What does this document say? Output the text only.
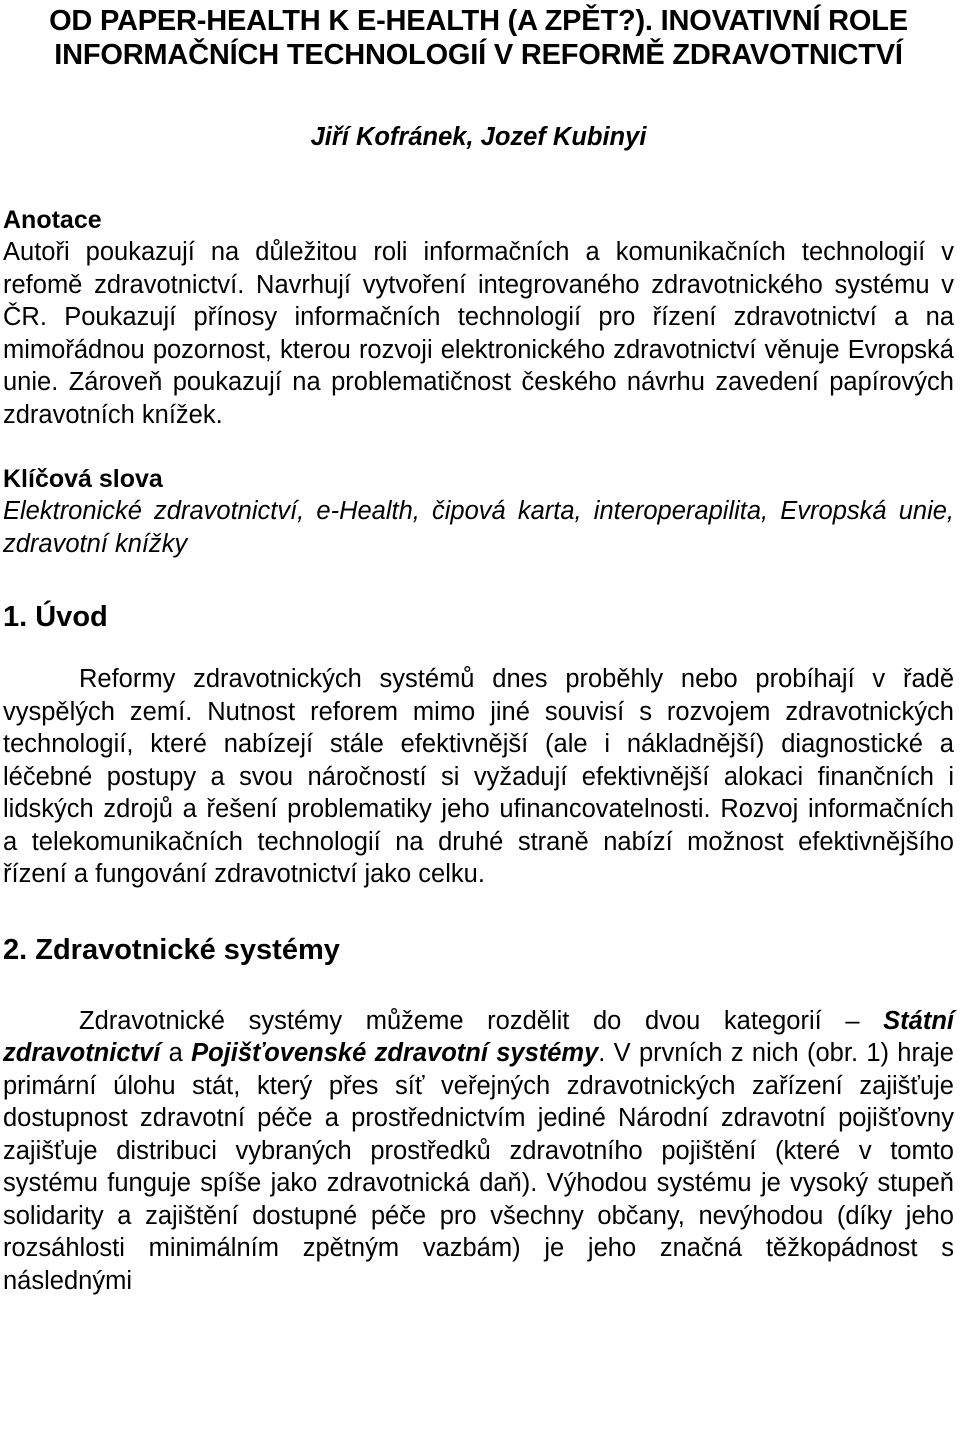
OD PAPER-HEALTH K E-HEALTH (A ZPĚT?). INOVATIVNÍ ROLE INFORMAČNÍCH TECHNOLOGIÍ V REFORMĚ ZDRAVOTNICTVÍ

Jiří Kofránek, Jozef Kubinyi

Anotace

Autoři poukazují na důležitou roli informačních a komunikačních technologií v refomě zdravotnictví. Navrhují vytvoření integrovaného zdravotnického systému v ČR. Poukazují přínosy informačních technologií pro řízení zdravotnictví a na mimořádnou pozornost, kterou rozvoji elektronického zdravotnictví věnuje Evropská unie. Zároveň poukazují na problematičnost českého návrhu zavedení papírových zdravotních knížek.

Klíčová slova

Elektronické zdravotnictví, e-Health, čipová karta, interoperapilita, Evropská unie, zdravotní knížky

1. Úvod

Reformy zdravotnických systémů dnes proběhly nebo probíhají v řadě vyspělých zemí. Nutnost reforem mimo jiné souvisí s rozvojem zdravotnických technologií, které nabízejí stále efektivnější (ale i nákladnější) diagnostické a léčebné postupy a svou náročností si vyžadují efektivnější alokaci finančních i lidských zdrojů a řešení problematiky jeho ufinancovatelnosti. Rozvoj informačních a telekomunikačních technologií na druhé straně nabízí možnost efektivnějšího řízení a fungování zdravotnictví jako celku.

2. Zdravotnické systémy

Zdravotnické systémy můžeme rozdělit do dvou kategorií – Státní zdravotnictví a Pojišťovenské zdravotní systémy. V prvních z nich (obr. 1) hraje primární úlohu stát, který přes síť veřejných zdravotnických zařízení zajišťuje dostupnost zdravotní péče a prostřednictvím jediné Národní zdravotní pojišťovny zajišťuje distribuci vybraných prostředků zdravotního pojištění (které v tomto systému funguje spíše jako zdravotnická daň). Výhodou systému je vysoký stupeň solidarity a zajištění dostupné péče pro všechny občany, nevýhodou (díky jeho rozsáhlosti minimálním zpětným vazbám) je jeho značná těžkopádnost s následnými
